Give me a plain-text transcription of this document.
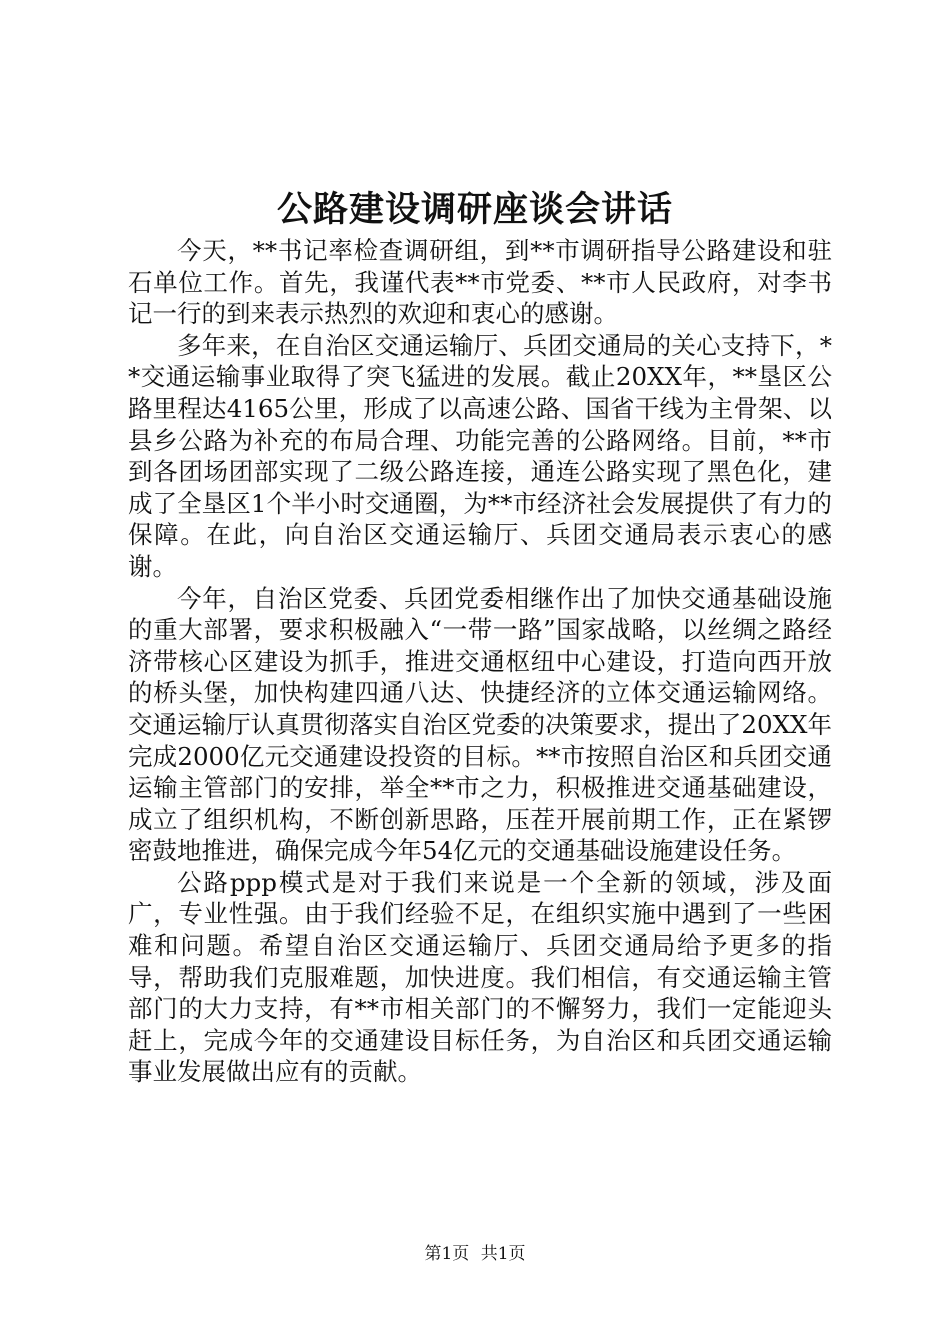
公路建设调研座谈会讲话

今天，**书记率检查调研组，到**市调研指导公路建设和驻石单位工作。首先，我谨代表**市党委、**市人民政府，对李书记一行的到来表示热烈的欢迎和衷心的感谢。

多年来，在自治区交通运输厅、兵团交通局的关心支持下，**交通运输事业取得了突飞猛进的发展。截止20XX年，**垦区公路里程达4165公里，形成了以高速公路、国省干线为主骨架、以县乡公路为补充的布局合理、功能完善的公路网络。目前，**市到各团场团部实现了二级公路连接，通连公路实现了黑色化，建成了全垦区1个半小时交通圈，为**市经济社会发展提供了有力的保障。在此，向自治区交通运输厅、兵团交通局表示衷心的感谢。

今年，自治区党委、兵团党委相继作出了加快交通基础设施的重大部署，要求积极融入“一带一路”国家战略，以丝绸之路经济带核心区建设为抓手，推进交通枢纽中心建设，打造向西开放的桥头堡，加快构建四通八达、快捷经济的立体交通运输网络。交通运输厅认真贯彻落实自治区党委的决策要求，提出了20XX年完成2000亿元交通建设投资的目标。**市按照自治区和兵团交通运输主管部门的安排，举全**市之力，积极推进交通基础建设，成立了组织机构，不断创新思路，压茬开展前期工作，正在紧锣密鼓地推进，确保完成今年54亿元的交通基础设施建设任务。

公路ppp模式是对于我们来说是一个全新的领域，涉及面广，专业性强。由于我们经验不足，在组织实施中遇到了一些困难和问题。希望自治区交通运输厅、兵团交通局给予更多的指导，帮助我们克服难题，加快进度。我们相信，有交通运输主管部门的大力支持，有**市相关部门的不懈努力，我们一定能迎头赶上，完成今年的交通建设目标任务，为自治区和兵团交通运输事业发展做出应有的贡献。

第1页 共1页
